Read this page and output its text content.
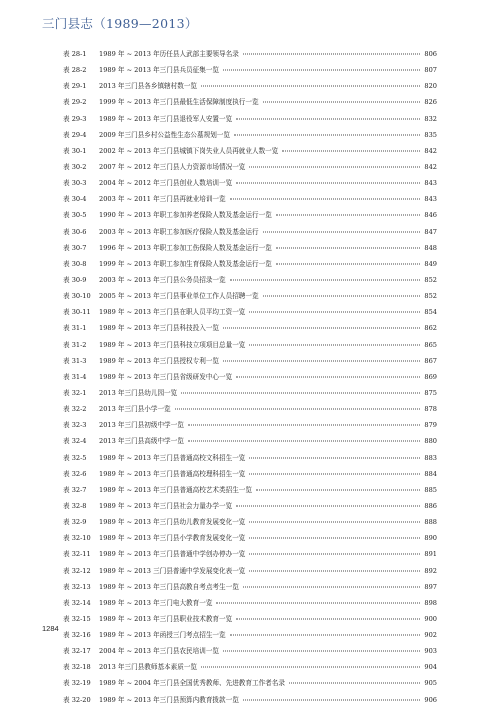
三门县志（1989—2013）
表 28-1	1989 年 ~ 2013 年历任县人武部主要领导名录	806
表 28-2	1989 年 ~ 2013 年三门县兵员征集一览	807
表 29-1	2013 年三门县各乡镇辖村数一览	820
表 29-2	1999 年 ~ 2013 年三门县最低生活保障制度执行一览	826
表 29-3	1989 年 ~ 2013 年三门县退役军人安置一览	832
表 29-4	2009 年三门县乡村公益性生态公墓规划一览	835
表 30-1	2002 年 ~ 2013 年三门县城镇下岗失业人员再就业人数一览	842
表 30-2	2007 年 ~ 2012 年三门县人力资源市场情况一览	842
表 30-3	2004 年 ~ 2012 年三门县创业人数培训一览	843
表 30-4	2003 年 ~ 2011 年三门县再就业培训一览	843
表 30-5	1990 年 ~ 2013 年职工参加养老保险人数及基金运行一览	846
表 30-6	2003 年 ~ 2013 年职工参加医疗保险人数及基金运行	847
表 30-7	1996 年 ~ 2013 年职工参加工伤保险人数及基金运行一览	848
表 30-8	1999 年 ~ 2013 年职工参加生育保险人数及基金运行一览	849
表 30-9	2003 年 ~ 2013 年三门县公务员招录一览	852
表 30-10	2005 年 ~ 2013 年三门县事业单位工作人员招聘一览	852
表 30-11	1989 年 ~ 2013 年三门县在职人员平均工资一览	854
表 31-1	1989 年 ~ 2013 年三门县科技投入一览	862
表 31-2	1989 年 ~ 2013 年三门县科技立项项目总量一览	865
表 31-3	1989 年 ~ 2013 年三门县授权专利一览	867
表 31-4	1989 年 ~ 2013 年三门县省级研发中心一览	869
表 32-1	2013 年三门县幼儿园一览	875
表 32-2	2013 年三门县小学一览	878
表 32-3	2013 年三门县初级中学一览	879
表 32-4	2013 年三门县高级中学一览	880
表 32-5	1989 年 ~ 2013 年三门县普通高校文科招生一览	883
表 32-6	1989 年 ~ 2013 年三门县普通高校理科招生一览	884
表 32-7	1989 年 ~ 2013 年三门县普通高校艺术类招生一览	885
表 32-8	1989 年 ~ 2013 年三门县社会力量办学一览	886
表 32-9	1989 年 ~ 2013 年三门县幼儿教育发展变化一览	888
表 32-10	1989 年 ~ 2013 年三门县小学教育发展变化一览	890
表 32-11	1989 年 ~ 2013 年三门县普通中学创办停办一览	891
表 32-12	1989 年 ~ 2013 三门县普通中学发展变化表一览	892
表 32-13	1989 年 ~ 2013 年三门县高教自考点考生一览	897
表 32-14	1989 年 ~ 2013 年三门电大教育一览	898
表 32-15	1989 年 ~ 2013 年三门县职业技术教育一览	900
表 32-16	1989 年 ~ 2013 年函授三门考点招生一览	902
表 32-17	2004 年 ~ 2013 年三门县农民培训一览	903
表 32-18	2013 年三门县教师基本素质一览	904
表 32-19	1989 年 ~ 2004 年三门县全国优秀教师、先进教育工作者名录	905
表 32-20	1989 年 ~ 2013 年三门县预算内教育拨款一览	906
1284
